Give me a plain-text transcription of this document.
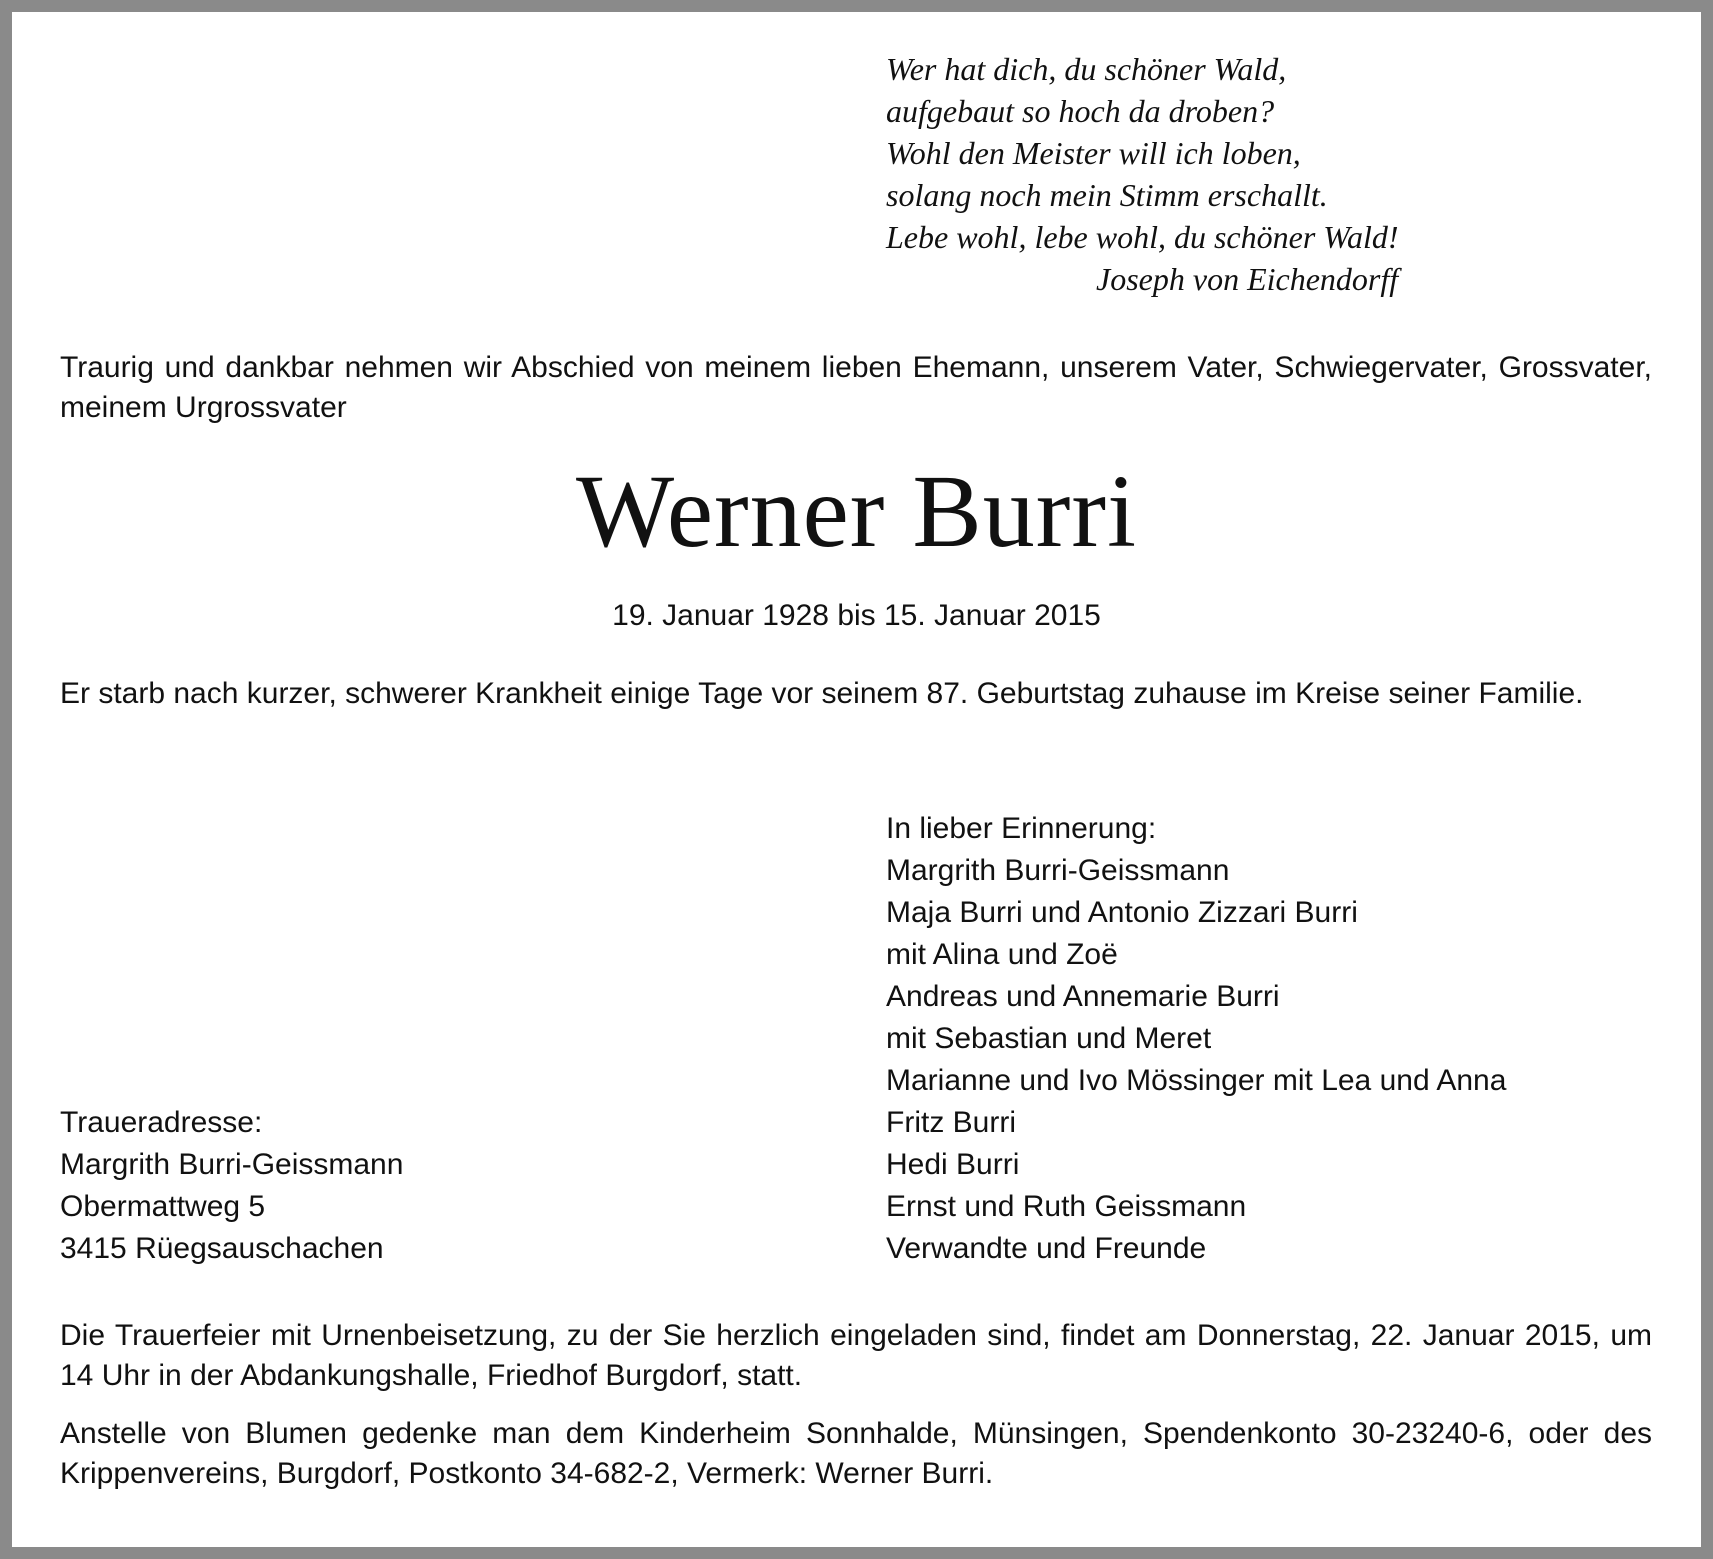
Wer hat dich, du schöner Wald,
aufgebaut so hoch da droben?
Wohl den Meister will ich loben,
solang noch mein Stimm erschallt.
Lebe wohl, lebe wohl, du schöner Wald!
Joseph von Eichendorff
Traurig und dankbar nehmen wir Abschied von meinem lieben Ehemann, unserem Vater, Schwiegervater, Grossvater, meinem Urgrossvater
Werner Burri
19. Januar 1928 bis 15. Januar 2015
Er starb nach kurzer, schwerer Krankheit einige Tage vor seinem 87. Geburtstag zuhause im Kreise seiner Familie.
In lieber Erinnerung:
Margrith Burri-Geissmann
Maja Burri und Antonio Zizzari Burri
mit Alina und Zoë
Andreas und Annemarie Burri
mit Sebastian und Meret
Marianne und Ivo Mössinger mit Lea und Anna
Fritz Burri
Hedi Burri
Ernst und Ruth Geissmann
Verwandte und Freunde
Traueradresse:
Margrith Burri-Geissmann
Obermattweg 5
3415 Rüegsauschachen
Die Trauerfeier mit Urnenbeisetzung, zu der Sie herzlich eingeladen sind, findet am Donnerstag, 22. Januar 2015, um 14 Uhr in der Abdankungshalle, Friedhof Burgdorf, statt.
Anstelle von Blumen gedenke man dem Kinderheim Sonnhalde, Münsingen, Spendenkonto 30-23240-6, oder des Krippenvereins, Burgdorf, Postkonto 34-682-2, Vermerk: Werner Burri.
